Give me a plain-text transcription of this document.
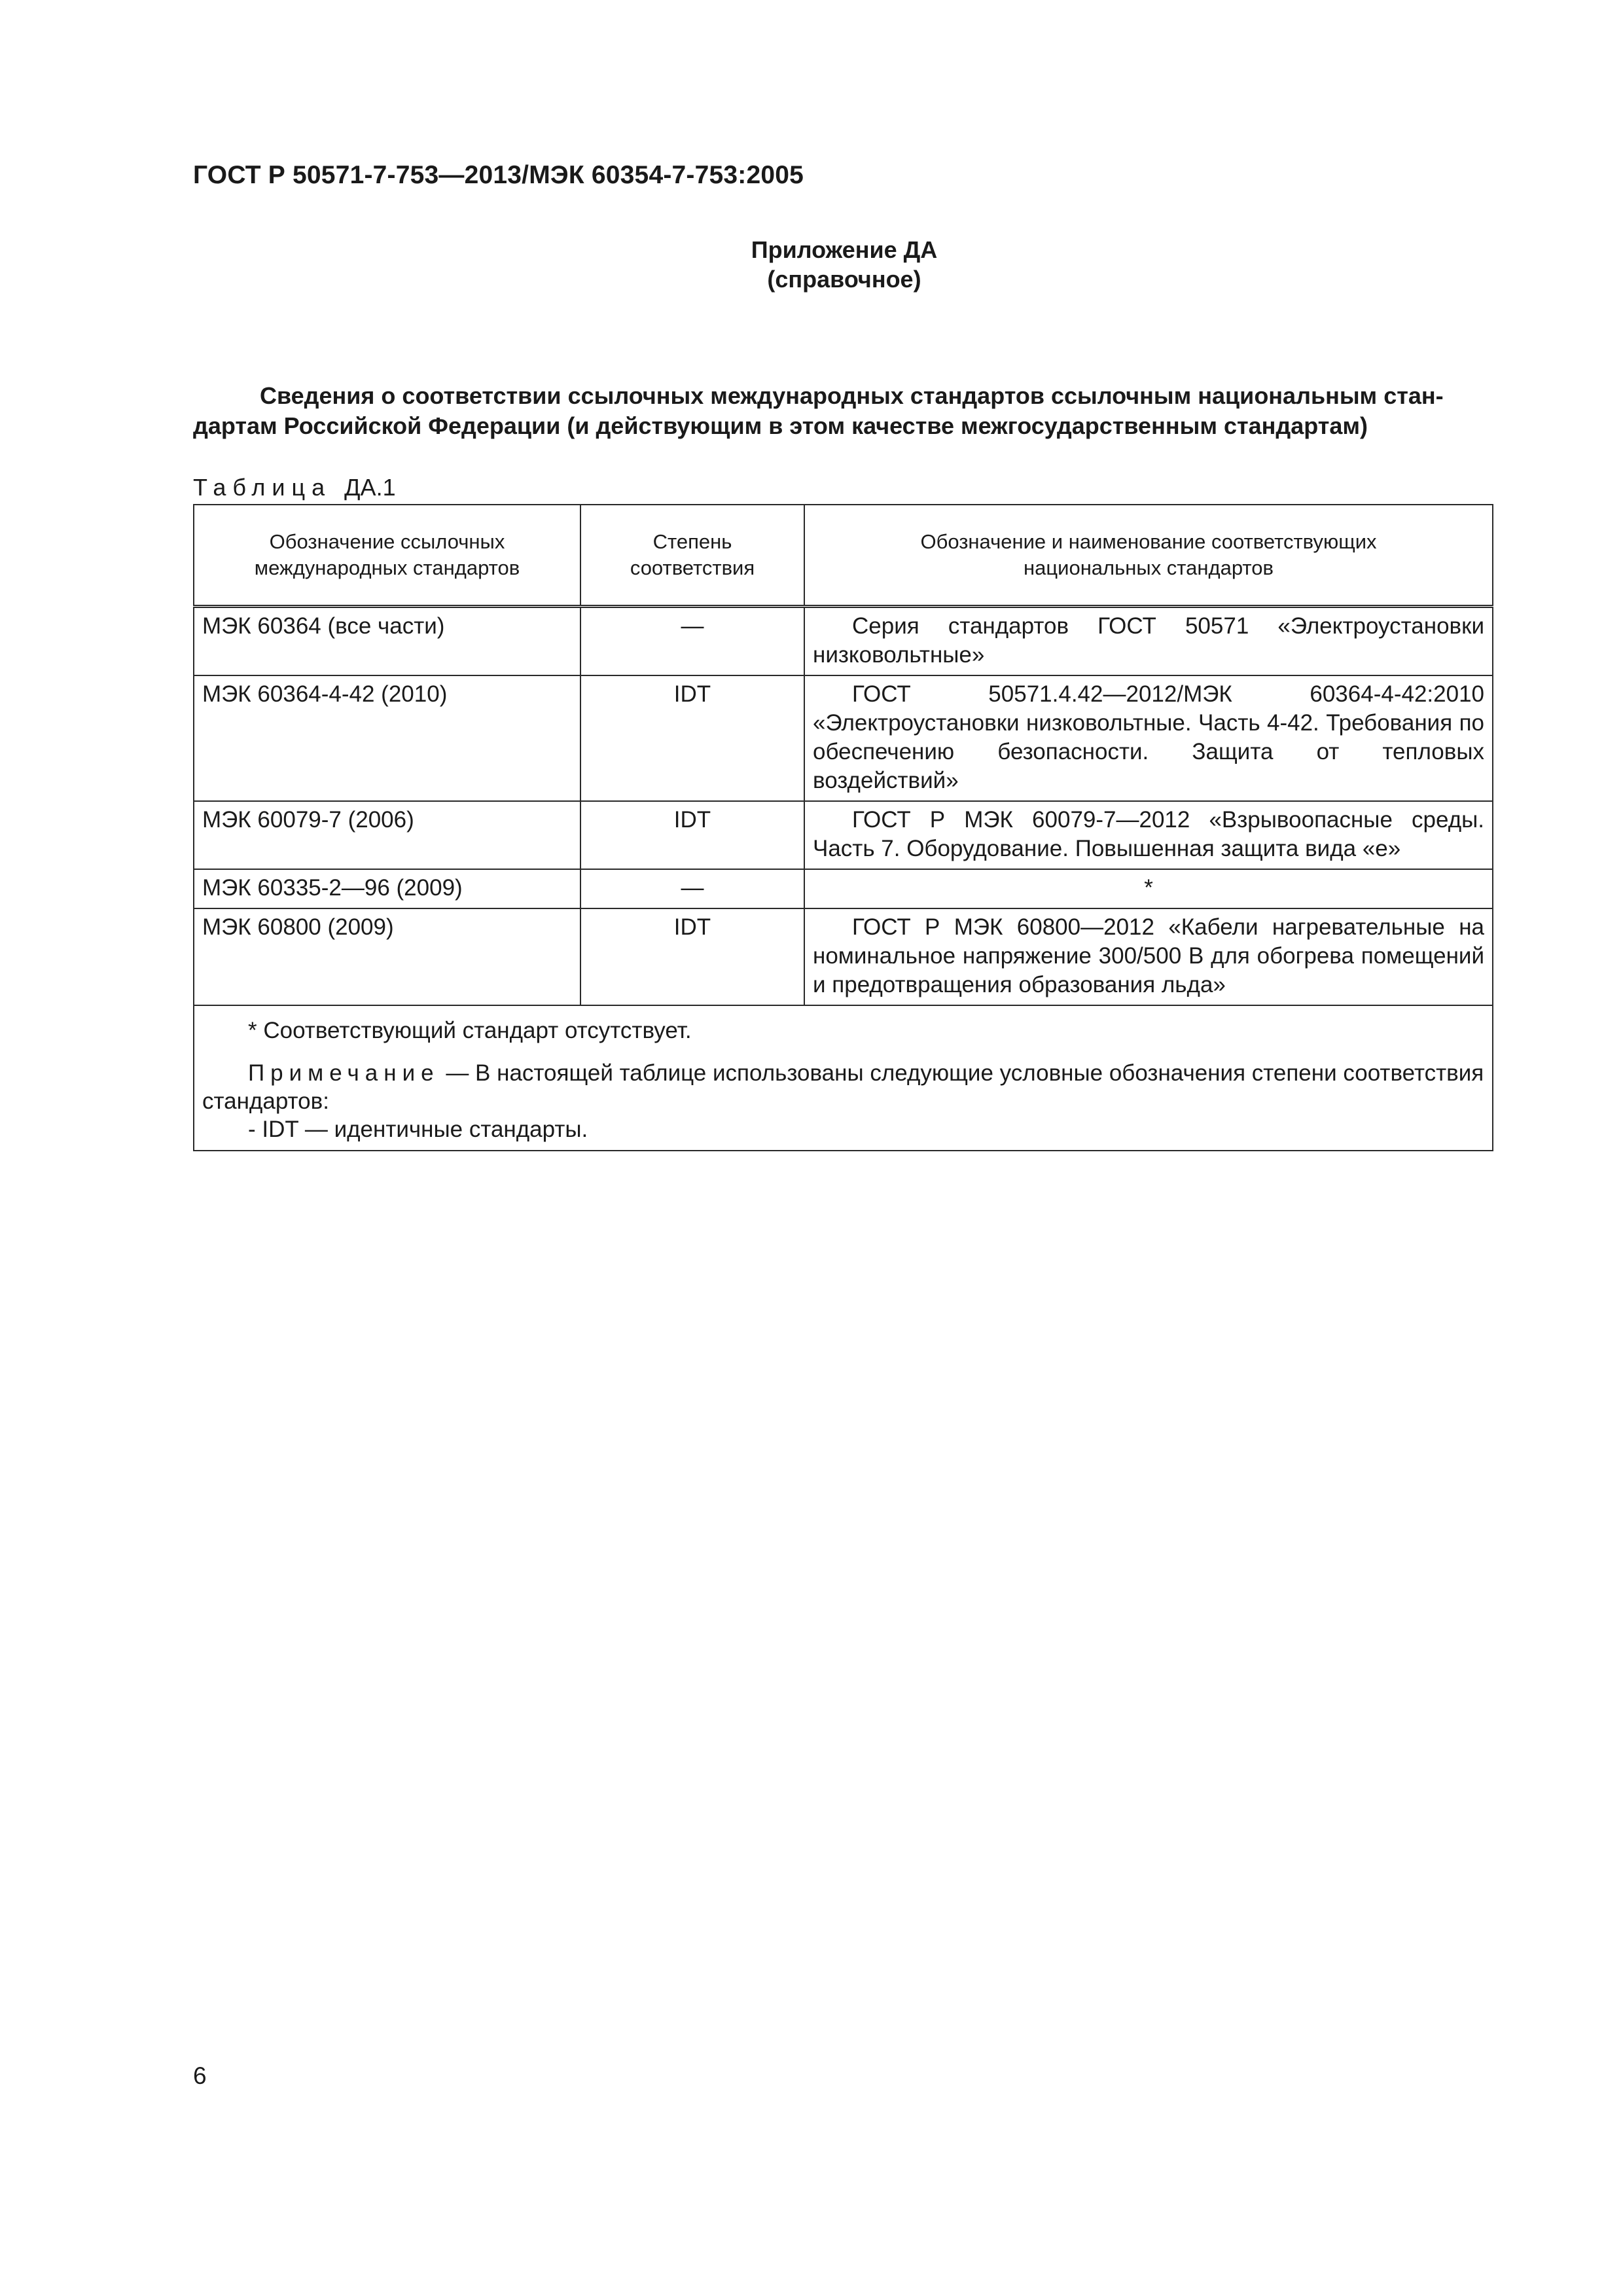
ГОСТ Р 50571-7-753—2013/МЭК 60354-7-753:2005
Приложение ДА
(справочное)
Сведения о соответствии ссылочных международных стандартов ссылочным национальным стан-
дартам Российской Федерации (и действующим в этом качестве межгосударственным стандартам)
Таблица ДА.1
Обозначение ссылочных международных стандартов	Степень соответствия	Обозначение и наименование соответствующих национальных стандартов
МЭК 60364 (все части)	—	Серия стандартов ГОСТ 50571 «Электроустановки низковольтные»

МЭК 60364-4-42 (2010)	IDT	ГОСТ 50571.4.42—2012/МЭК 60364-4-42:2010 «Электроустановки низковольтные. Часть 4-42. Требования по обеспечению безопасности. Защита от тепловых воздействий»

МЭК 60079-7 (2006)	IDT	ГОСТ Р МЭК 60079-7—2012 «Взрывоопасные среды. Часть 7. Оборудование. Повышенная защита вида «е»

МЭК 60335-2—96 (2009)	—	*
МЭК 60800 (2009)	IDT	ГОСТ Р МЭК 60800—2012 «Кабели нагревательные на номинальное напряжение 300/500 В для обогрева помещений и предотвращения образования льда»

* Соответствующий стандарт отсутствует.
Примечание — В настоящей таблице использованы следующие условные обозначения степени соответствия стандартов:
- IDT — идентичные стандарты.		
6
